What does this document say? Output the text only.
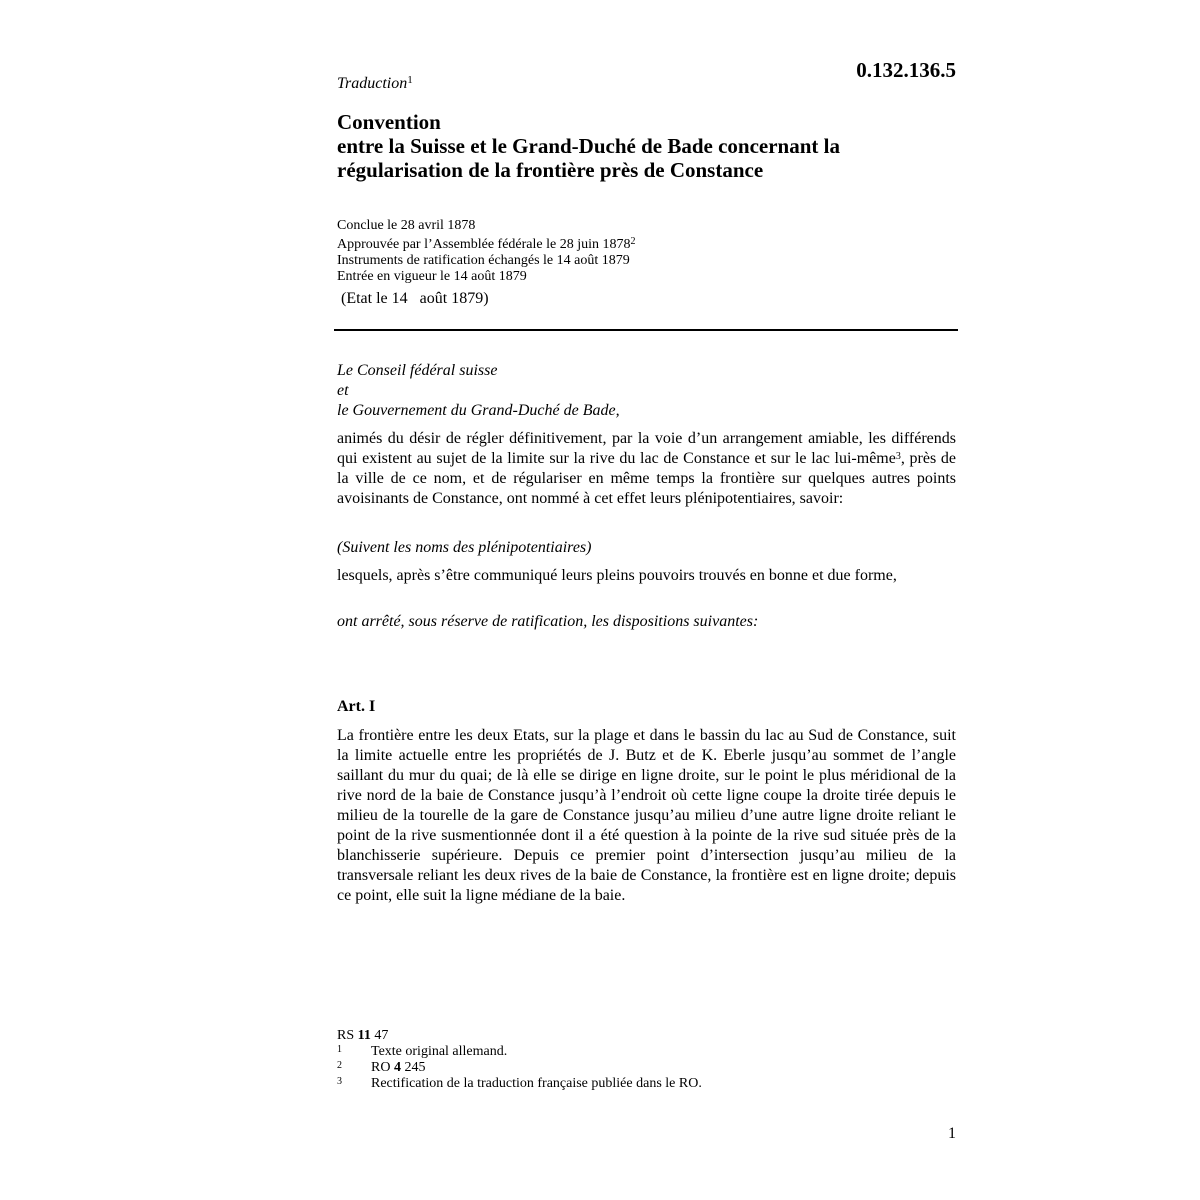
0.132.136.5
Traduction$^1$
Convention
entre la Suisse et le Grand-Duché de Bade concernant la
régularisation de la frontière près de Constance
Conclue le 28 avril 1878
Approuvée par l’Assemblée fédérale le 28 juin 1878$^2$
Instruments de ratification échangés le 14 août 1879
Entrée en vigueur le 14 août 1879
(Etat le 14   août 1879)
Le Conseil fédéral suisse
et
le Gouvernement du Grand-Duché de Bade,
animés du désir de régler définitivement, par la voie d’un arrangement amiable, les différends qui existent au sujet de la limite sur la rive du lac de Constance et sur le lac lui-même$^3$, près de la ville de ce nom, et de régulariser en même temps la frontière sur quelques autres points avoisinants de Constance, ont nommé à cet effet leurs plénipotentiaires, savoir:
(Suivent les noms des plénipotentiaires)
lesquels, après s’être communiqué leurs pleins pouvoirs trouvés en bonne et due forme,
ont arrêté, sous réserve de ratification, les dispositions suivantes:
Art. I
La frontière entre les deux Etats, sur la plage et dans le bassin du lac au Sud de Constance, suit la limite actuelle entre les propriétés de J. Butz et de K. Eberle jusqu’au sommet de l’angle saillant du mur du quai; de là elle se dirige en ligne droite, sur le point le plus méridional de la rive nord de la baie de Constance jusqu’à l’endroit où cette ligne coupe la droite tirée depuis le milieu de la tourelle de la gare de Constance jusqu’au milieu d’une autre ligne droite reliant le point de la rive susmentionnée dont il a été question à la pointe de la rive sud située près de la blanchisserie supérieure. Depuis ce premier point d’intersection jusqu’au milieu de la transversale reliant les deux rives de la baie de Constance, la frontière est en ligne droite; depuis ce point, elle suit la ligne médiane de la baie.
RS 11 47
1	Texte original allemand.
2	RO 4 245
3	Rectification de la traduction française publiée dans le RO.
1
